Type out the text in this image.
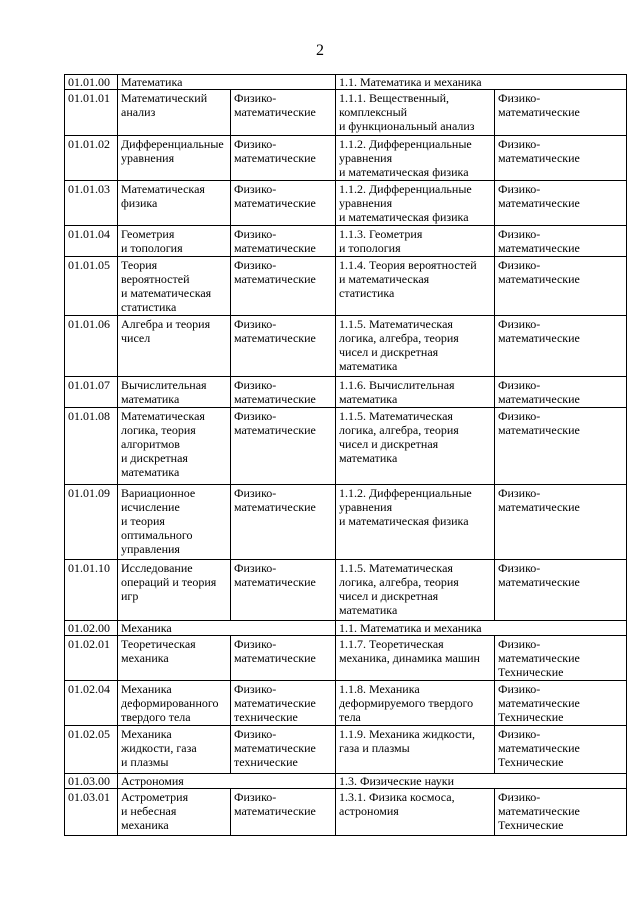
2
01.01.00	Математика		1.1. Математика и механика	

01.01.01	Математический
анализ	Физико-
математические	1.1.1. Вещественный,
комплексный
и функциональный анализ	Физико-
математические

01.01.02	Дифференциальные
уравнения	Физико-
математические	1.1.2. Дифференциальные
уравнения
и математическая физика	Физико-
математические

01.01.03	Математическая
физика	Физико-
математические	1.1.2. Дифференциальные
уравнения
и математическая физика	Физико-
математические

01.01.04	Геометрия
и топология	Физико-
математические	1.1.3. Геометрия
и топология	Физико-
математические

01.01.05	Теория
вероятностей
и математическая
статистика	Физико-
математические	1.1.4. Теория вероятностей
и математическая
статистика	Физико-
математические

01.01.06	Алгебра и теория
чисел	Физико-
математические	1.1.5. Математическая
логика, алгебра, теория
чисел и дискретная
математика	Физико-
математические

01.01.07	Вычислительная
математика	Физико-
математические	1.1.6. Вычислительная
математика	Физико-
математические

01.01.08	Математическая
логика, теория
алгоритмов
и дискретная
математика	Физико-
математические	1.1.5. Математическая
логика, алгебра, теория
чисел и дискретная
математика	Физико-
математические

01.01.09	Вариационное
исчисление
и теория
оптимального
управления	Физико-
математические	1.1.2. Дифференциальные
уравнения
и математическая физика	Физико-
математические

01.01.10	Исследование
операций и теория
игр	Физико-
математические	1.1.5. Математическая
логика, алгебра, теория
чисел и дискретная
математика	Физико-
математические

01.02.00	Механика		1.1. Математика и механика	

01.02.01	Теоретическая
механика	Физико-
математические	1.1.7. Теоретическая
механика, динамика машин	Физико-
математические
Технические

01.02.04	Механика
деформированного
твердого тела	Физико-
математические
технические	1.1.8. Механика
деформируемого твердого
тела	Физико-
математические
Технические

01.02.05	Механика
жидкости, газа
и плазмы	Физико-
математические
технические	1.1.9. Механика жидкости,
газа и плазмы	Физико-
математические
Технические

01.03.00	Астрономия		1.3. Физические науки	

01.03.01	Астрометрия
и небесная
механика	Физико-
математические	1.3.1. Физика космоса,
астрономия	Физико-
математические
Технические
